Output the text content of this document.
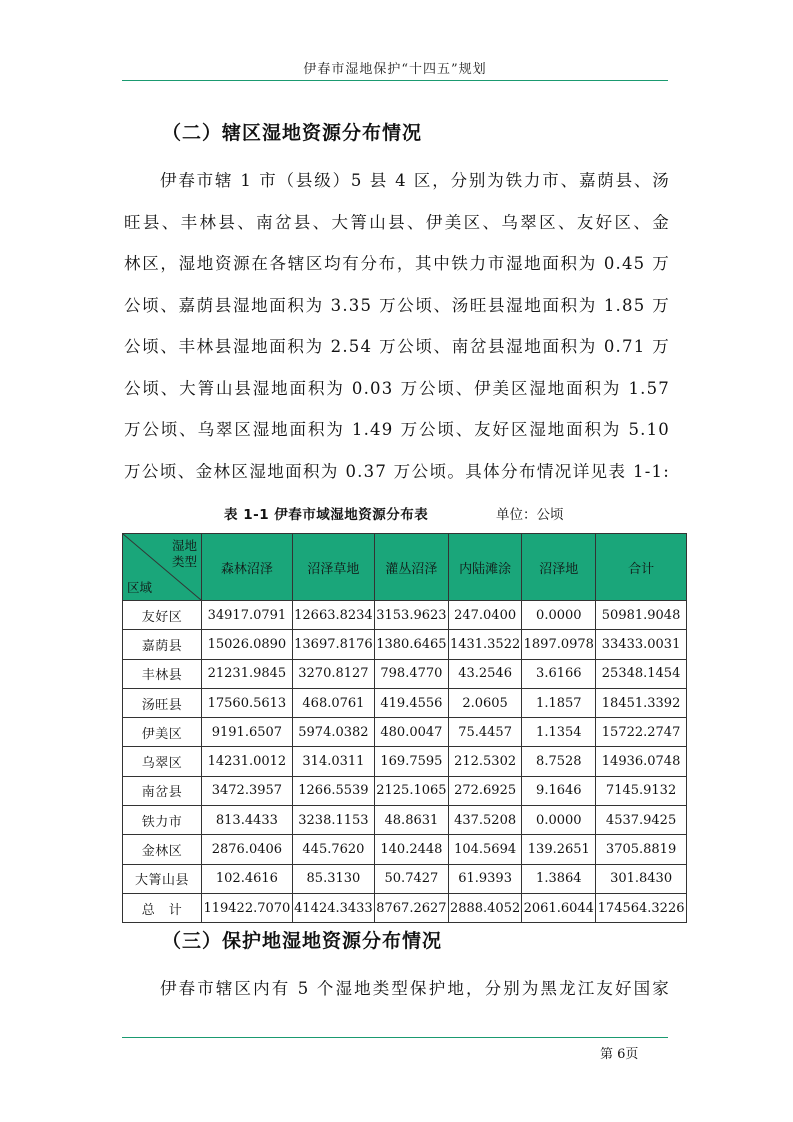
伊春市湿地保护“十四五”规划
（二）辖区湿地资源分布情况
伊春市辖 1 市（县级）5 县 4 区，分别为铁力市、嘉荫县、汤
旺县、丰林县、南岔县、大箐山县、伊美区、乌翠区、友好区、金
林区，湿地资源在各辖区均有分布，其中铁力市湿地面积为 0.45 万
公顷、嘉荫县湿地面积为 3.35 万公顷、汤旺县湿地面积为 1.85 万
公顷、丰林县湿地面积为 2.54 万公顷、南岔县湿地面积为 0.71 万
公顷、大箐山县湿地面积为 0.03 万公顷、伊美区湿地面积为 1.57
万公顷、乌翠区湿地面积为 1.49 万公顷、友好区湿地面积为 5.10
万公顷、金林区湿地面积为 0.37 万公顷。具体分布情况详见表 1-1:
表 1-1 伊春市域湿地资源分布表	单位：公顷
湿地
类型
区域	森林沼泽	沼泽草地	灌丛沼泽	内陆滩涂	沼泽地	合计
友好区	34917.0791	12663.8234	3153.9623	247.0400	0.0000	50981.9048
嘉荫县	15026.0890	13697.8176	1380.6465	1431.3522	1897.0978	33433.0031
丰林县	21231.9845	3270.8127	798.4770	43.2546	3.6166	25348.1454
汤旺县	17560.5613	468.0761	419.4556	2.0605	1.1857	18451.3392
伊美区	9191.6507	5974.0382	480.0047	75.4457	1.1354	15722.2747
乌翠区	14231.0012	314.0311	169.7595	212.5302	8.7528	14936.0748
南岔县	3472.3957	1266.5539	2125.1065	272.6925	9.1646	7145.9132
铁力市	813.4433	3238.1153	48.8631	437.5208	0.0000	4537.9425
金林区	2876.0406	445.7620	140.2448	104.5694	139.2651	3705.8819
大箐山县	102.4616	85.3130	50.7427	61.9393	1.3864	301.8430
总　计	119422.7070	41424.3433	8767.2627	2888.4052	2061.6044	174564.3226
（三）保护地湿地资源分布情况
伊春市辖区内有 5 个湿地类型保护地，分别为黑龙江友好国家
第 6页
